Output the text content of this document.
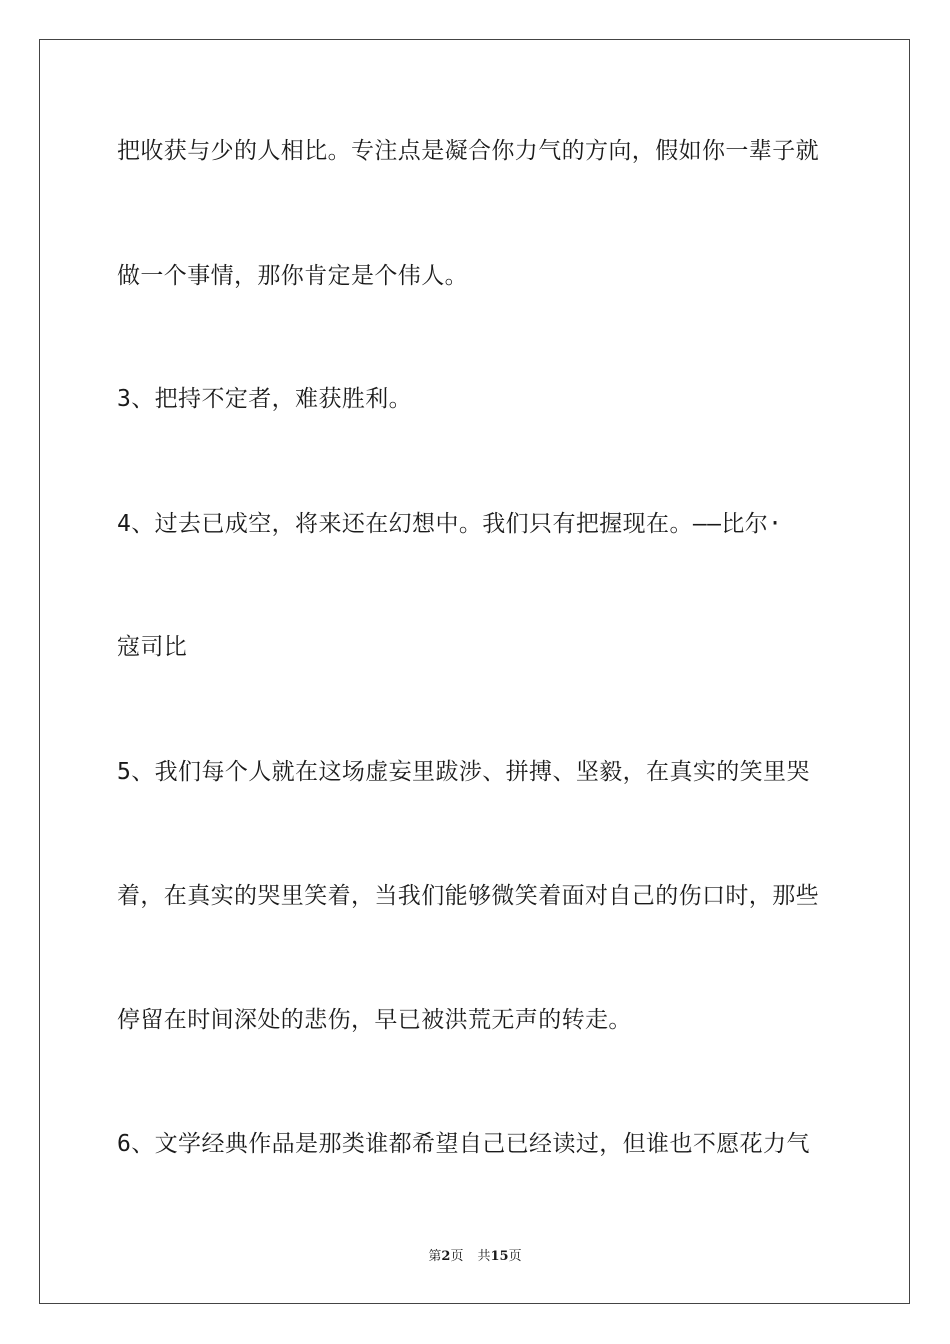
把收获与少的人相比。专注点是凝合你力气的方向，假如你一辈子就
做一个事情，那你肯定是个伟人。
3、把持不定者，难获胜利。
4、过去已成空，将来还在幻想中。我们只有把握现在。——比尔·
寇司比
5、我们每个人就在这场虚妄里跋涉、拼搏、坚毅，在真实的笑里哭
着，在真实的哭里笑着，当我们能够微笑着面对自己的伤口时，那些
停留在时间深处的悲伤，早已被洪荒无声的转走。
6、文学经典作品是那类谁都希望自己已经读过，但谁也不愿花力气
第2页 共15页
